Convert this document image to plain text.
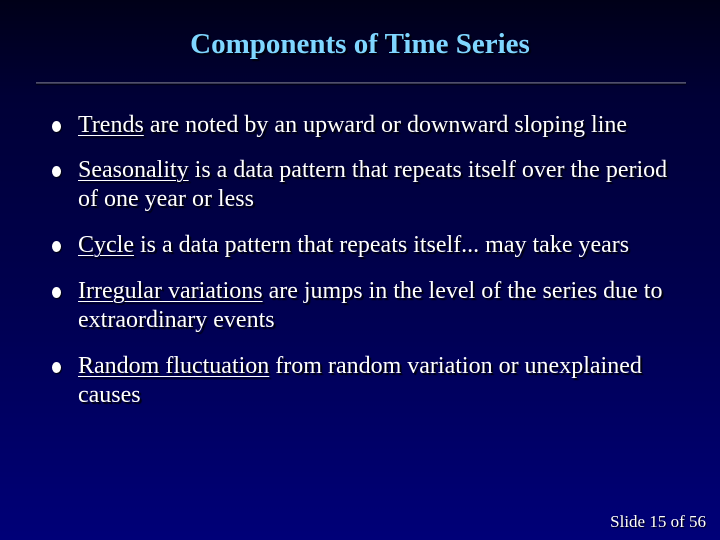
Components of Time Series
Trends are noted by an upward or downward sloping line
Seasonality is a data pattern that repeats itself over the period of one year or less
Cycle is a data pattern that repeats itself... may take years
Irregular variations are jumps in the level of the series due to extraordinary events
Random fluctuation from random variation or unexplained causes
Slide 15 of 56
